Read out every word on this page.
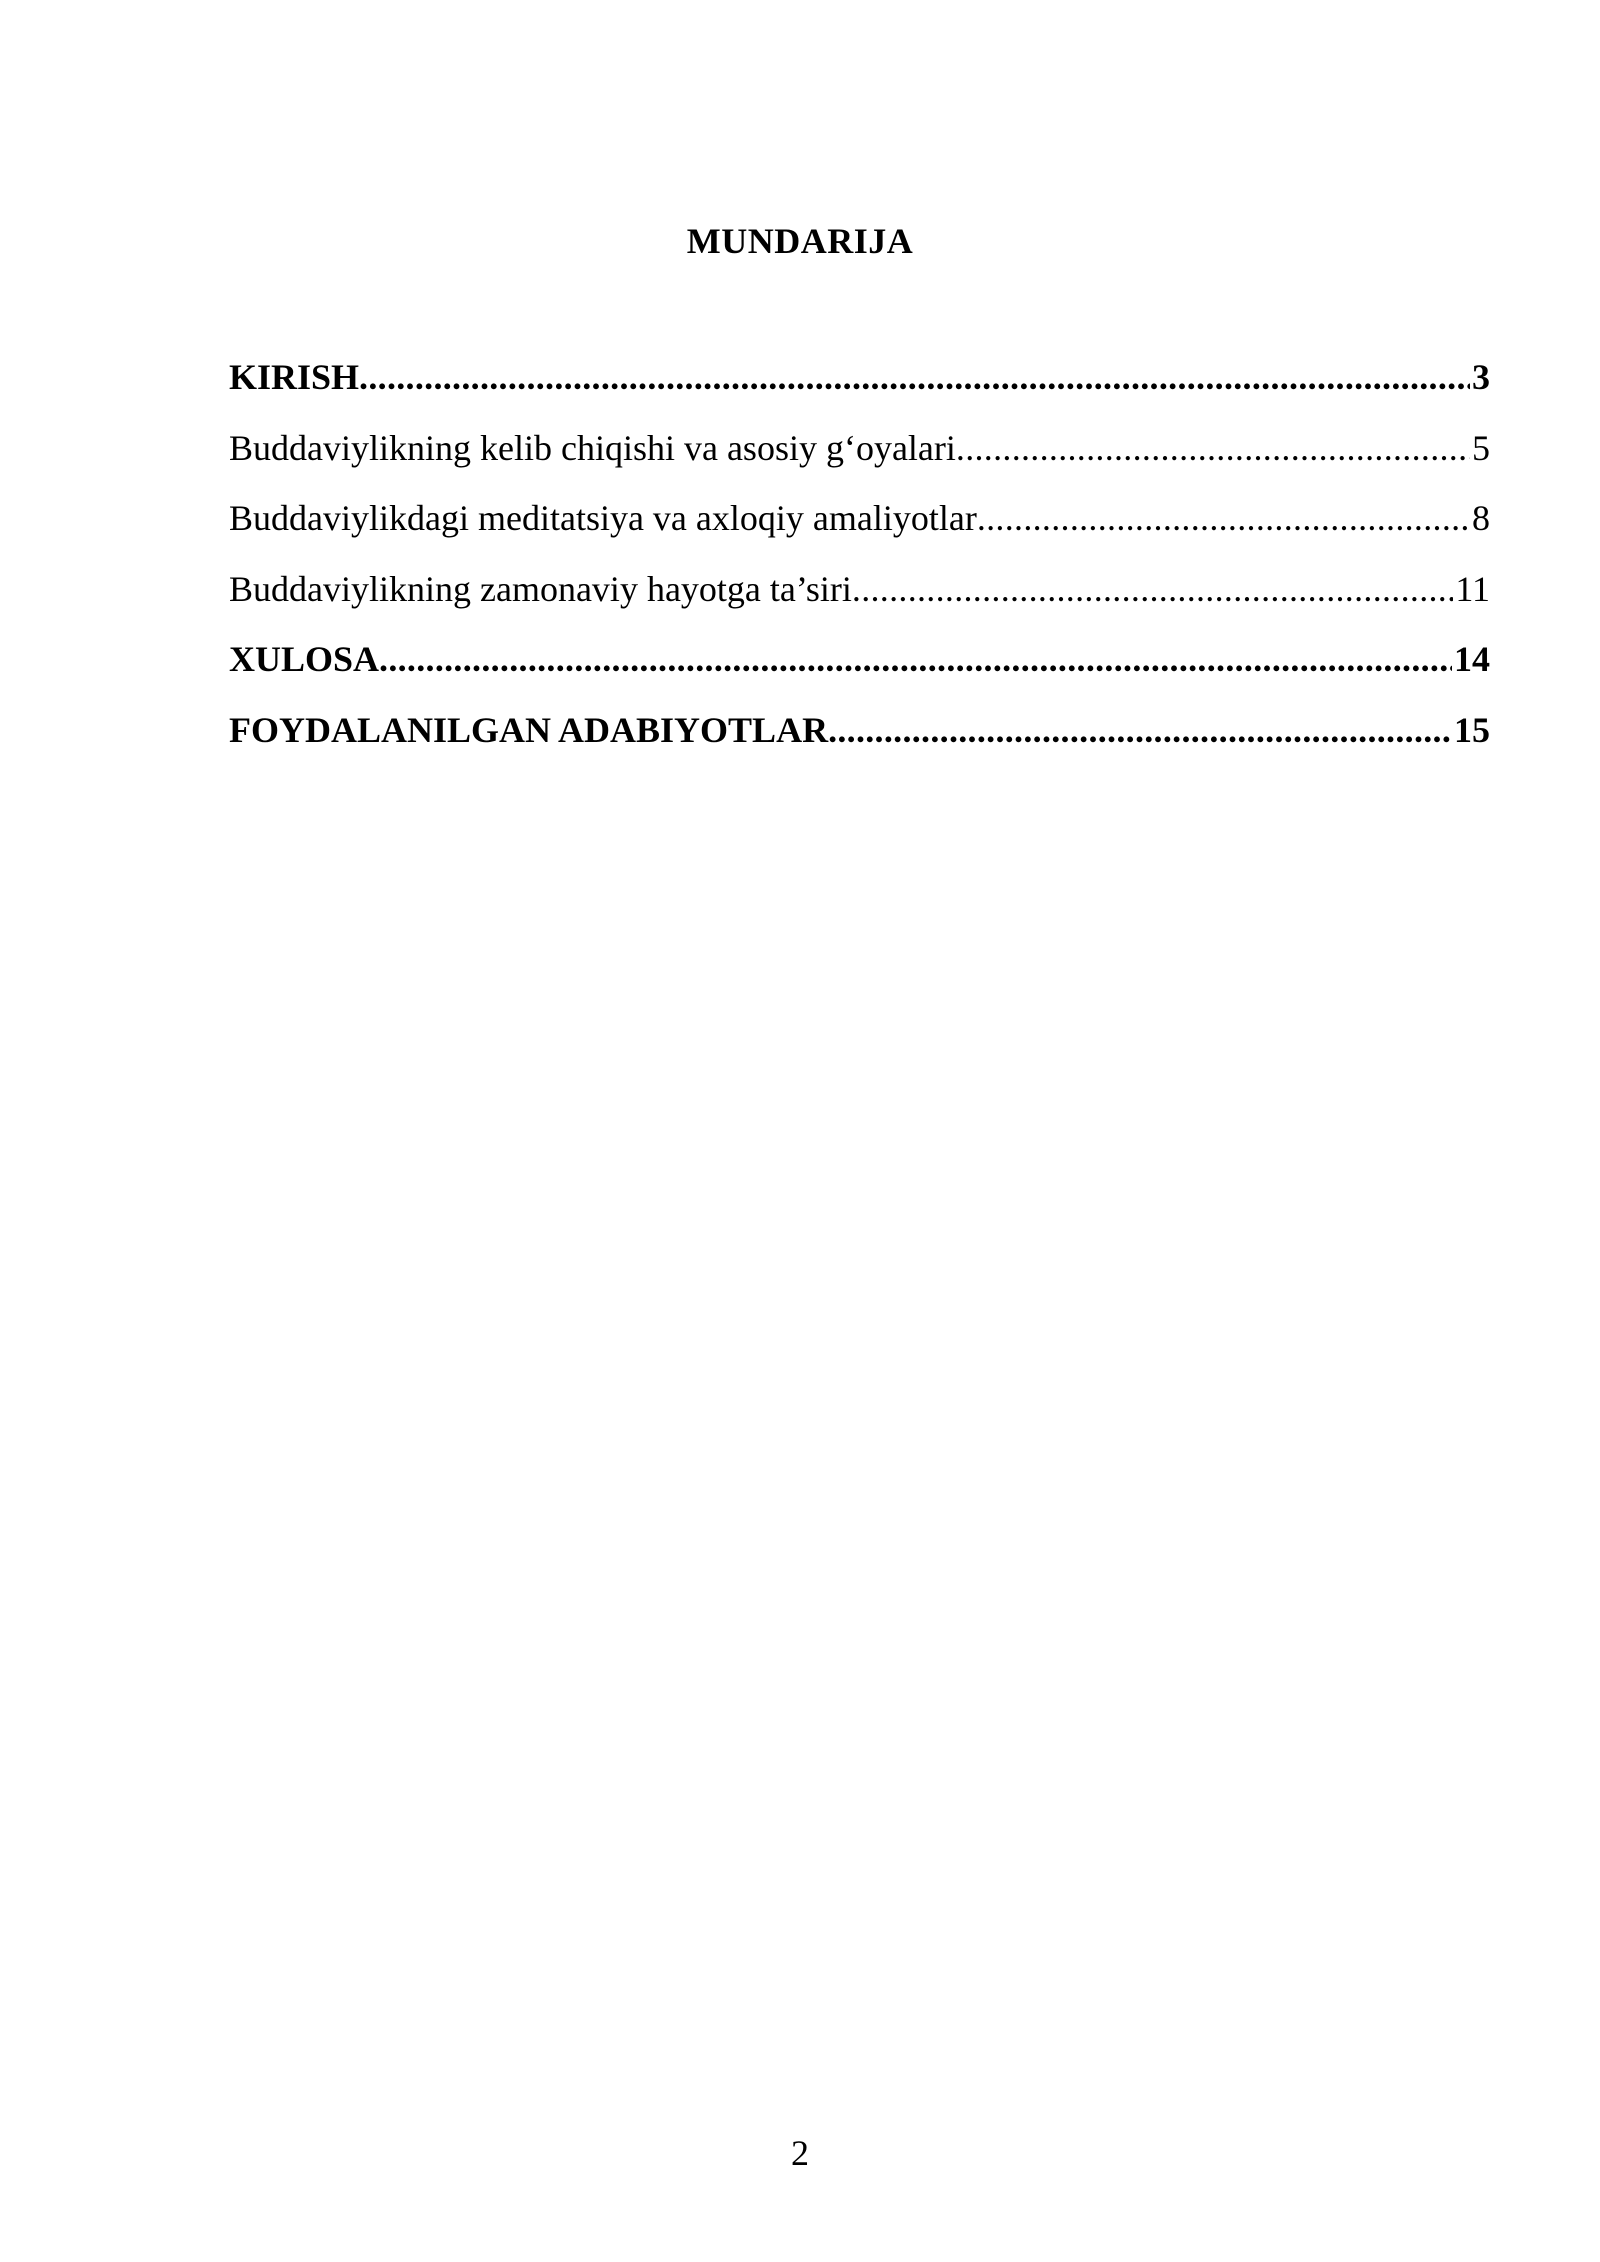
MUNDARIJA
KIRISH .....	3
Buddaviylikning kelib chiqishi va asosiy g‘oyalari .....	5
Buddaviylikdagi meditatsiya va axloqiy amaliyotlar .....	8
Buddaviylikning zamonaviy hayotga ta’siri .....	11
XULOSA .....	14
FOYDALANILGAN ADABIYOTLAR .....	15

2
